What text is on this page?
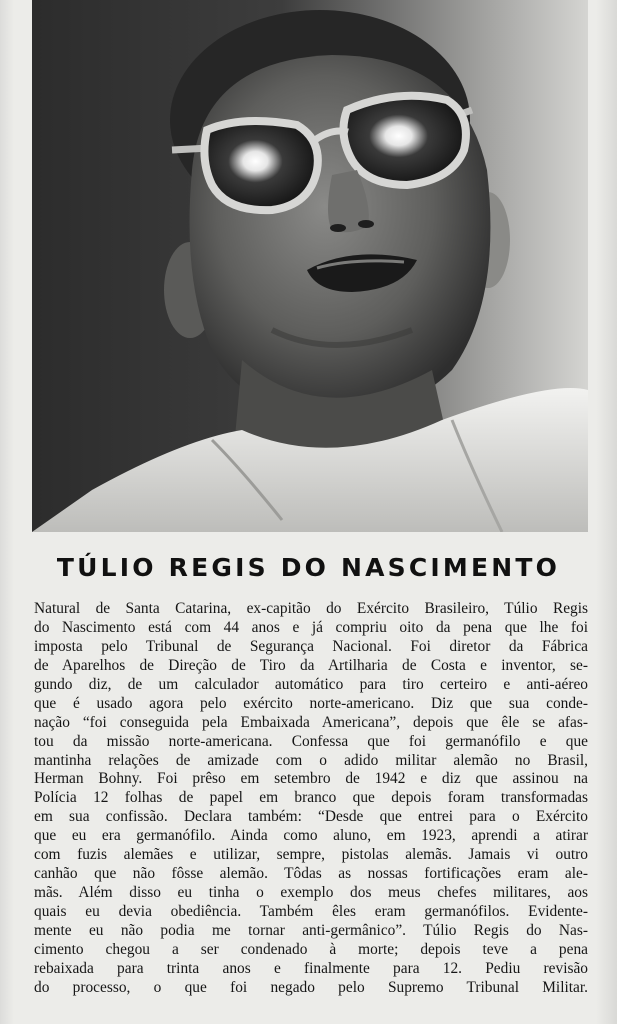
TÚLIO REGIS DO NASCIMENTO
Natural de Santa Catarina, ex-capitão do Exército Brasileiro, Túlio Regis
do Nascimento está com 44 anos e já compriu oito da pena que lhe foi
imposta pelo Tribunal de Segurança Nacional. Foi diretor da Fábrica
de Aparelhos de Direção de Tiro da Artilharia de Costa e inventor, se-
gundo diz, de um calculador automático para tiro certeiro e anti-aéreo
que é usado agora pelo exército norte-americano. Diz que sua conde-
nação “foi conseguida pela Embaixada Americana”, depois que êle se afas-
tou da missão norte-americana. Confessa que foi germanófilo e que
mantinha relações de amizade com o adido militar alemão no Brasil,
Herman Bohny. Foi prêso em setembro de 1942 e diz que assinou na
Polícia 12 folhas de papel em branco que depois foram transformadas
em sua confissão. Declara também: “Desde que entrei para o Exército
que eu era germanófilo. Ainda como aluno, em 1923, aprendi a atirar
com fuzis alemães e utilizar, sempre, pistolas alemãs. Jamais vi outro
canhão que não fôsse alemão. Tôdas as nossas fortificações eram ale-
mãs. Além disso eu tinha o exemplo dos meus chefes militares, aos
quais eu devia obediência. Também êles eram germanófilos. Evidente-
mente eu não podia me tornar anti-germânico”. Túlio Regis do Nas-
cimento chegou a ser condenado à morte; depois teve a pena
rebaixada para trinta anos e finalmente para 12. Pediu revisão
do processo, o que foi negado pelo Supremo Tribunal Militar.
